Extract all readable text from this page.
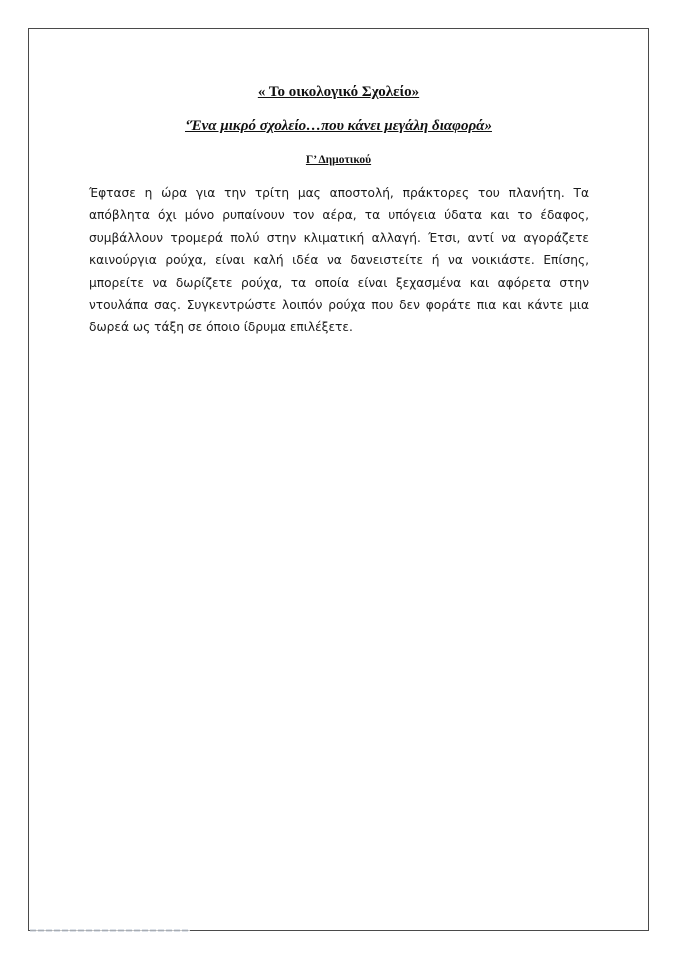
« Το οικολογικό Σχολείο»
‘Ένα μικρό σχολείο…που κάνει μεγάλη διαφορά»
Γ’ Δημοτικού

Έφτασε η ώρα για την τρίτη μας αποστολή, πράκτορες του πλανήτη. Τα απόβλητα όχι μόνο ρυπαίνουν τον αέρα, τα υπόγεια ύδατα και το έδαφος, συμβάλλουν τρομερά πολύ στην κλιματική αλλαγή. Έτσι, αντί να αγοράζετε καινούργια ρούχα, είναι καλή ιδέα να δανειστείτε ή να νοικιάστε. Επίσης, μπορείτε να δωρίζετε ρούχα, τα οποία είναι ξεχασμένα και αφόρετα στην ντουλάπα σας. Συγκεντρώστε λοιπόν ρούχα που δεν φοράτε πια και κάντε μια δωρεά ως τάξη σε όποιο ίδρυμα επιλέξετε.
